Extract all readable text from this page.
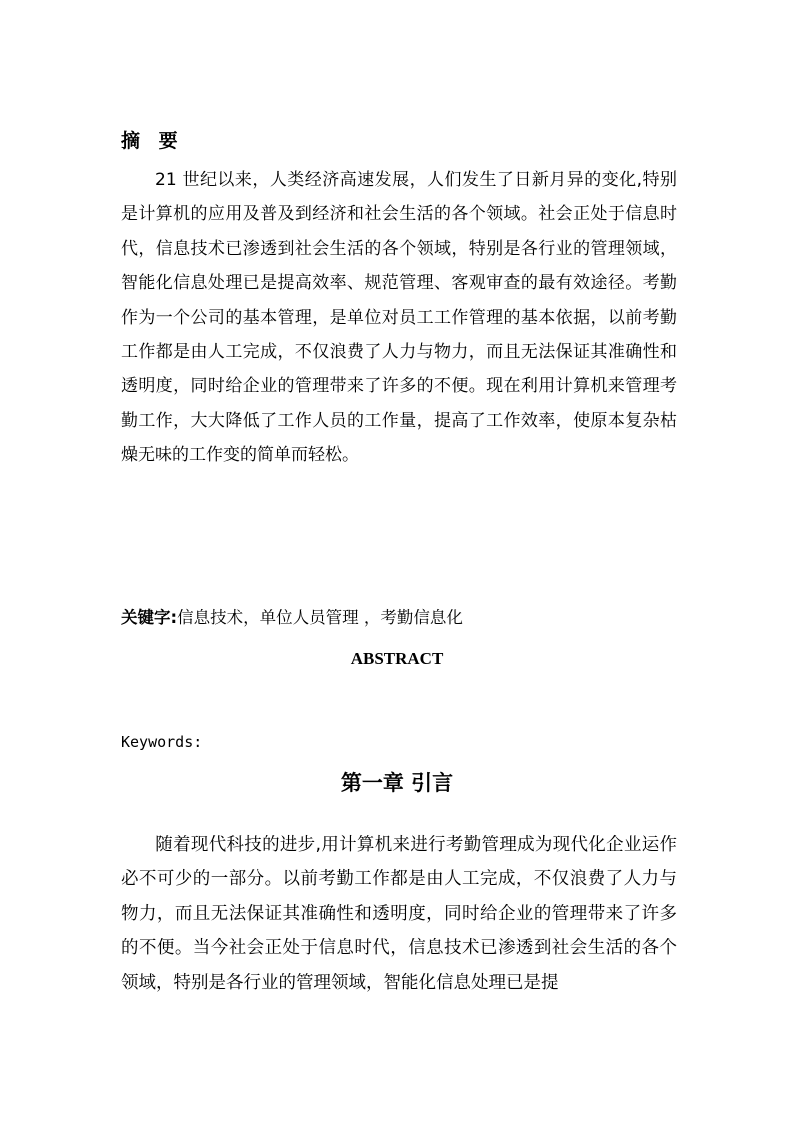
摘 要
21 世纪以来，人类经济高速发展，人们发生了日新月异的变化,特别是计算机的应用及普及到经济和社会生活的各个领域。社会正处于信息时代，信息技术已渗透到社会生活的各个领域，特别是各行业的管理领域，智能化信息处理已是提高效率、规范管理、客观审查的最有效途径。考勤作为一个公司的基本管理，是单位对员工工作管理的基本依据，以前考勤工作都是由人工完成，不仅浪费了人力与物力，而且无法保证其准确性和透明度，同时给企业的管理带来了许多的不便。现在利用计算机来管理考勤工作，大大降低了工作人员的工作量，提高了工作效率，使原本复杂枯燥无味的工作变的简单而轻松。
关键字:信息技术，单位人员管理 ，考勤信息化
ABSTRACT
Keywords:
第一章 引言
随着现代科技的进步,用计算机来进行考勤管理成为现代化企业运作必不可少的一部分。以前考勤工作都是由人工完成，不仅浪费了人力与物力，而且无法保证其准确性和透明度，同时给企业的管理带来了许多的不便。当今社会正处于信息时代，信息技术已渗透到社会生活的各个领域，特别是各行业的管理领域，智能化信息处理已是提
